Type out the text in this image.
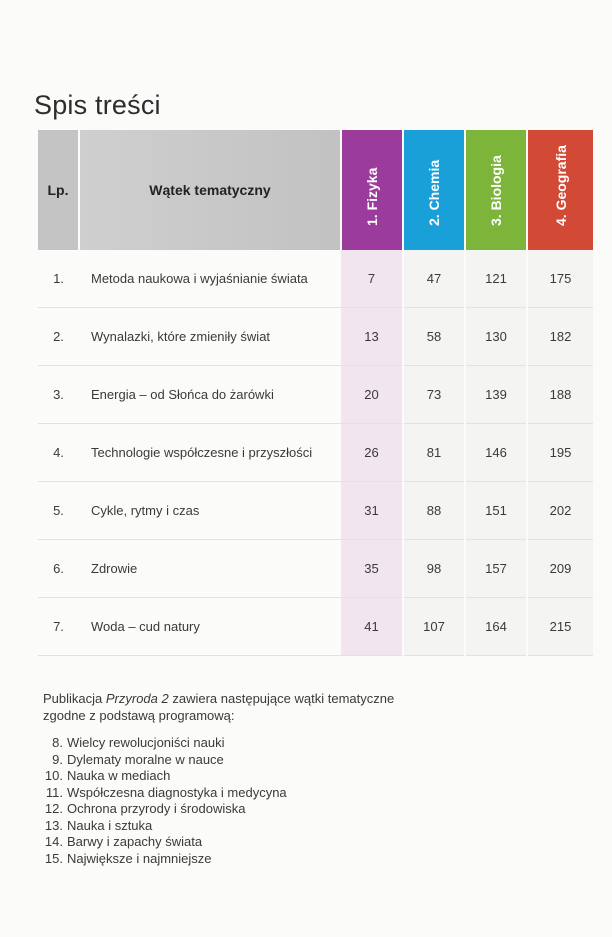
Spis treści
Lp.	Wątek tematyczny	1. Fizyka	2. Chemia	3. Biologia	4. Geografia

1.	Metoda naukowa i wyjaśnianie świata	7	47	121	175
2.	Wynalazki, które zmieniły świat	13	58	130	182
3.	Energia – od Słońca do żarówki	20	73	139	188
4.	Technologie współczesne i przyszłości	26	81	146	195
5.	Cykle, rytmy i czas	31	88	151	202
6.	Zdrowie	35	98	157	209
7.	Woda – cud natury	41	107	164	215
Publikacja Przyroda 2 zawiera następujące wątki tematyczne zgodne z podstawą programową:
8. Wielcy rewolucjoniści nauki
9. Dylematy moralne w nauce
10. Nauka w mediach
11. Współczesna diagnostyka i medycyna
12. Ochrona przyrody i środowiska
13. Nauka i sztuka
14. Barwy i zapachy świata
15. Największe i najmniejsze
